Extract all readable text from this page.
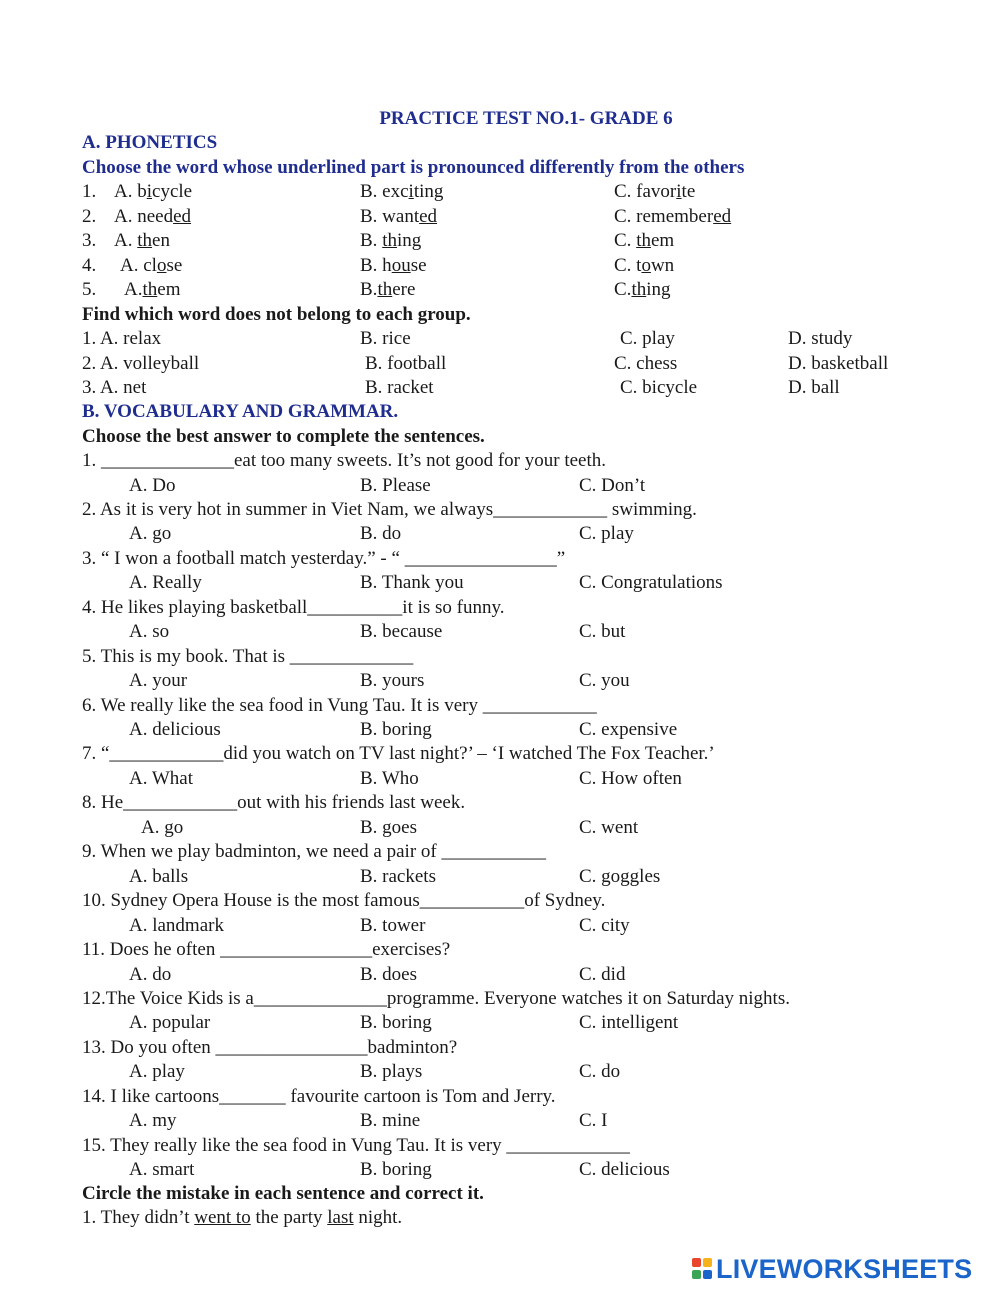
PRACTICE TEST NO.1- GRADE 6
A. PHONETICS
Choose the word whose underlined part is pronounced differently from the others
1. A. bicycle	B. exciting	C. favorite
2. A. needed	B. wanted	C. remembered
3. A. then	B. thing	C. them
4. A. close	B. house	C. town
5. A.them	B.there	C.thing
Find which word does not belong to each group.
1. A. relax	B. rice	C. play	D. study
2. A. volleyball	B. football	C. chess	D. basketball
3. A. net	B. racket	C. bicycle	D. ball
B. VOCABULARY AND GRAMMAR.
Choose the best answer to complete the sentences.
1. ______________eat too many sweets. It’s not good for your teeth.
A. Do	B. Please	C. Don’t
2. As it is very hot in summer in Viet Nam, we always____________ swimming.
A. go	B. do	C. play
3. “ I won a football match yesterday.” - “ ________________”
A. Really	B. Thank you	C. Congratulations
4. He likes playing basketball__________it is so funny.
A. so	B. because	C. but
5. This is my book. That is _____________
A. your	B. yours	C. you
6. We really like the sea food in Vung Tau. It is very ____________
A. delicious	B. boring	C. expensive
7. “____________did you watch on TV last night?’ – ‘I watched The Fox Teacher.’
A. What	B. Who	C. How often
8. He____________out with his friends last week.
A. go	B. goes	C. went
9. When we play badminton, we need a pair of ___________
A. balls	B. rackets	C. goggles
10. Sydney Opera House is the most famous___________of Sydney.
A. landmark	B. tower	C. city
11. Does he often ________________exercises?
A. do	B. does	C. did
12.The Voice Kids is a______________programme. Everyone watches it on Saturday nights.
A. popular	B. boring	C. intelligent
13. Do you often ________________badminton?
A. play	B. plays	C. do
14. I like cartoons_______ favourite cartoon is Tom and Jerry.
A. my	B. mine	C. I
15. They really like the sea food in Vung Tau. It is very _____________
A. smart	B. boring	C. delicious
Circle the mistake in each sentence and correct it.
1. They didn’t went to the party last night.
LIVEWORKSHEETS
